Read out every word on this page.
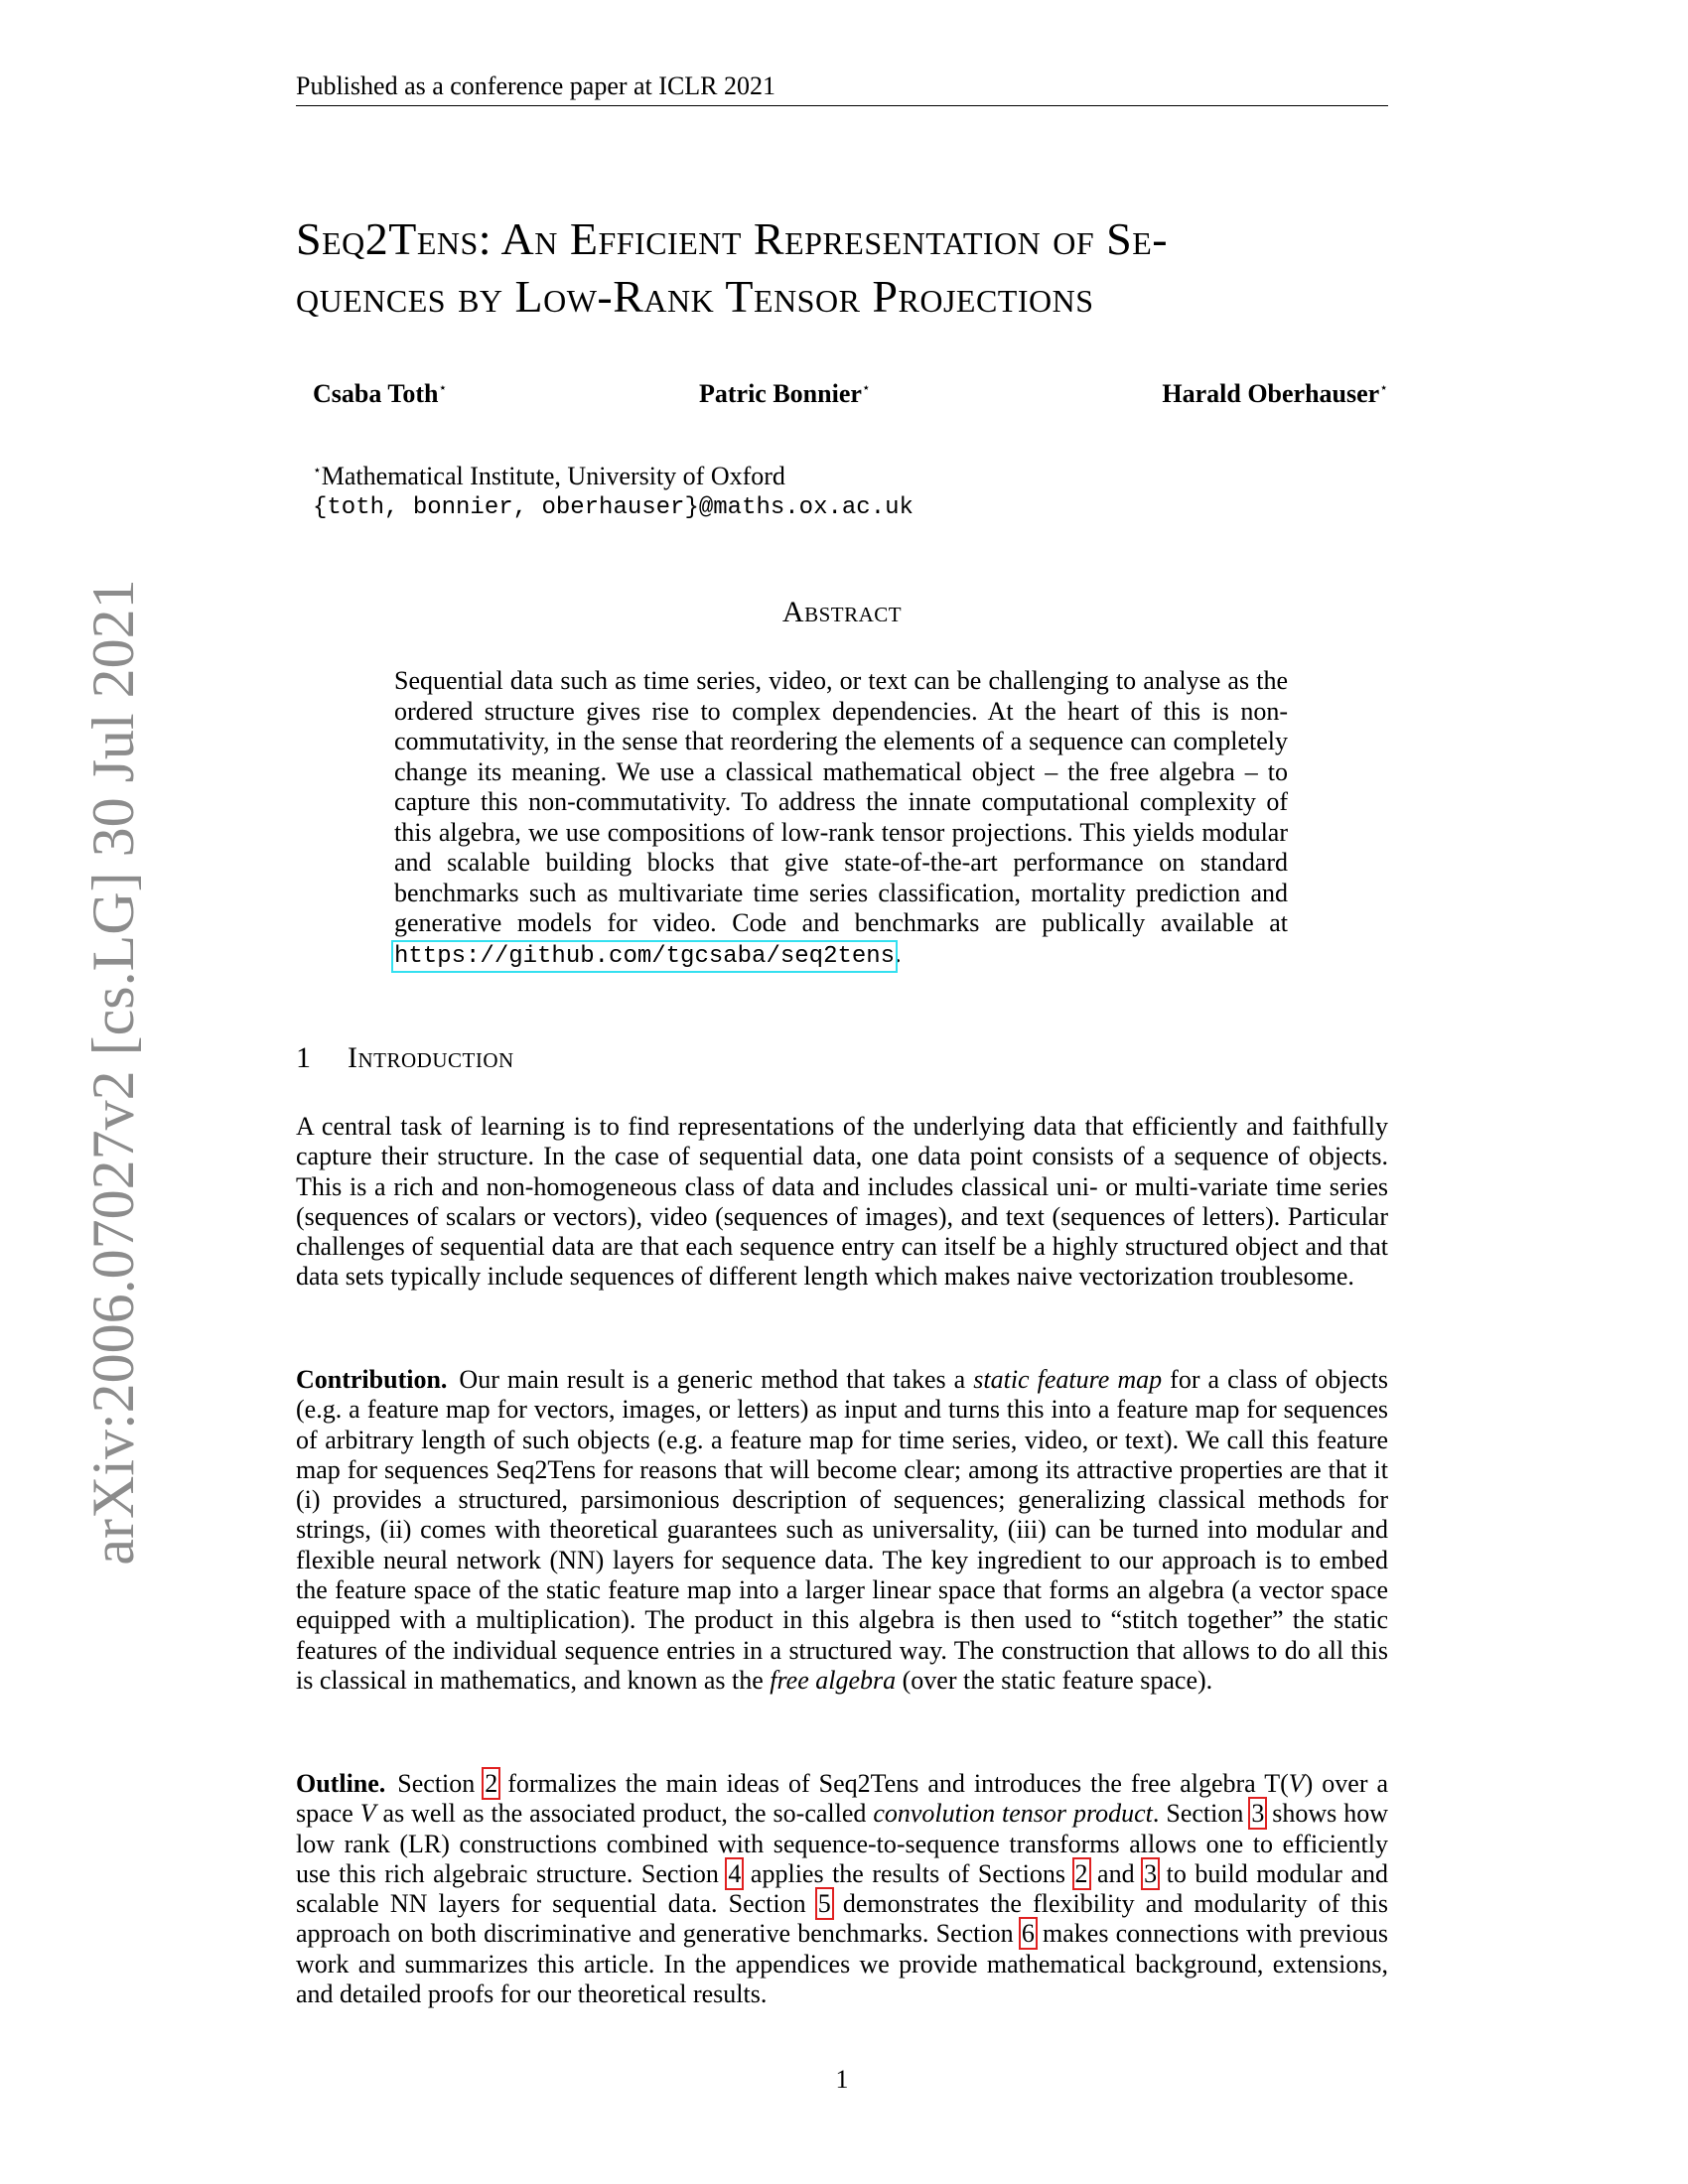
Published as a conference paper at ICLR 2021
arXiv:2006.07027v2 [cs.LG] 30 Jul 2021
Seq2Tens: An Efficient Representation of Se-
quences by Low-Rank Tensor Projections
Csaba Toth⋆	Patric Bonnier⋆	Harald Oberhauser⋆
⋆Mathematical Institute, University of Oxford
{toth, bonnier, oberhauser}@maths.ox.ac.uk
Abstract
Sequential data such as time series, video, or text can be challenging to analyse as the ordered structure gives rise to complex dependencies. At the heart of this is non-commutativity, in the sense that reordering the elements of a sequence can completely change its meaning. We use a classical mathematical object – the free algebra – to capture this non-commutativity. To address the innate computational complexity of this algebra, we use compositions of low-rank tensor projections. This yields modular and scalable building blocks that give state-of-the-art performance on standard benchmarks such as multivariate time series classification, mortality prediction and generative models for video. Code and benchmarks are publically available at https://github.com/tgcsaba/seq2tens.
1 Introduction
A central task of learning is to find representations of the underlying data that efficiently and faithfully capture their structure. In the case of sequential data, one data point consists of a sequence of objects. This is a rich and non-homogeneous class of data and includes classical uni- or multi-variate time series (sequences of scalars or vectors), video (sequences of images), and text (sequences of letters). Particular challenges of sequential data are that each sequence entry can itself be a highly structured object and that data sets typically include sequences of different length which makes naive vectorization troublesome.
Contribution. Our main result is a generic method that takes a static feature map for a class of objects (e.g. a feature map for vectors, images, or letters) as input and turns this into a feature map for sequences of arbitrary length of such objects (e.g. a feature map for time series, video, or text). We call this feature map for sequences Seq2Tens for reasons that will become clear; among its attractive properties are that it (i) provides a structured, parsimonious description of sequences; generalizing classical methods for strings, (ii) comes with theoretical guarantees such as universality, (iii) can be turned into modular and flexible neural network (NN) layers for sequence data. The key ingredient to our approach is to embed the feature space of the static feature map into a larger linear space that forms an algebra (a vector space equipped with a multiplication). The product in this algebra is then used to “stitch together” the static features of the individual sequence entries in a structured way. The construction that allows to do all this is classical in mathematics, and known as the free algebra (over the static feature space).
Outline. Section 2 formalizes the main ideas of Seq2Tens and introduces the free algebra T(V) over a space V as well as the associated product, the so-called convolution tensor product. Section 3 shows how low rank (LR) constructions combined with sequence-to-sequence transforms allows one to efficiently use this rich algebraic structure. Section 4 applies the results of Sections 2 and 3 to build modular and scalable NN layers for sequential data. Section 5 demonstrates the flexibility and modularity of this approach on both discriminative and generative benchmarks. Section 6 makes connections with previous work and summarizes this article. In the appendices we provide mathematical background, extensions, and detailed proofs for our theoretical results.
1
